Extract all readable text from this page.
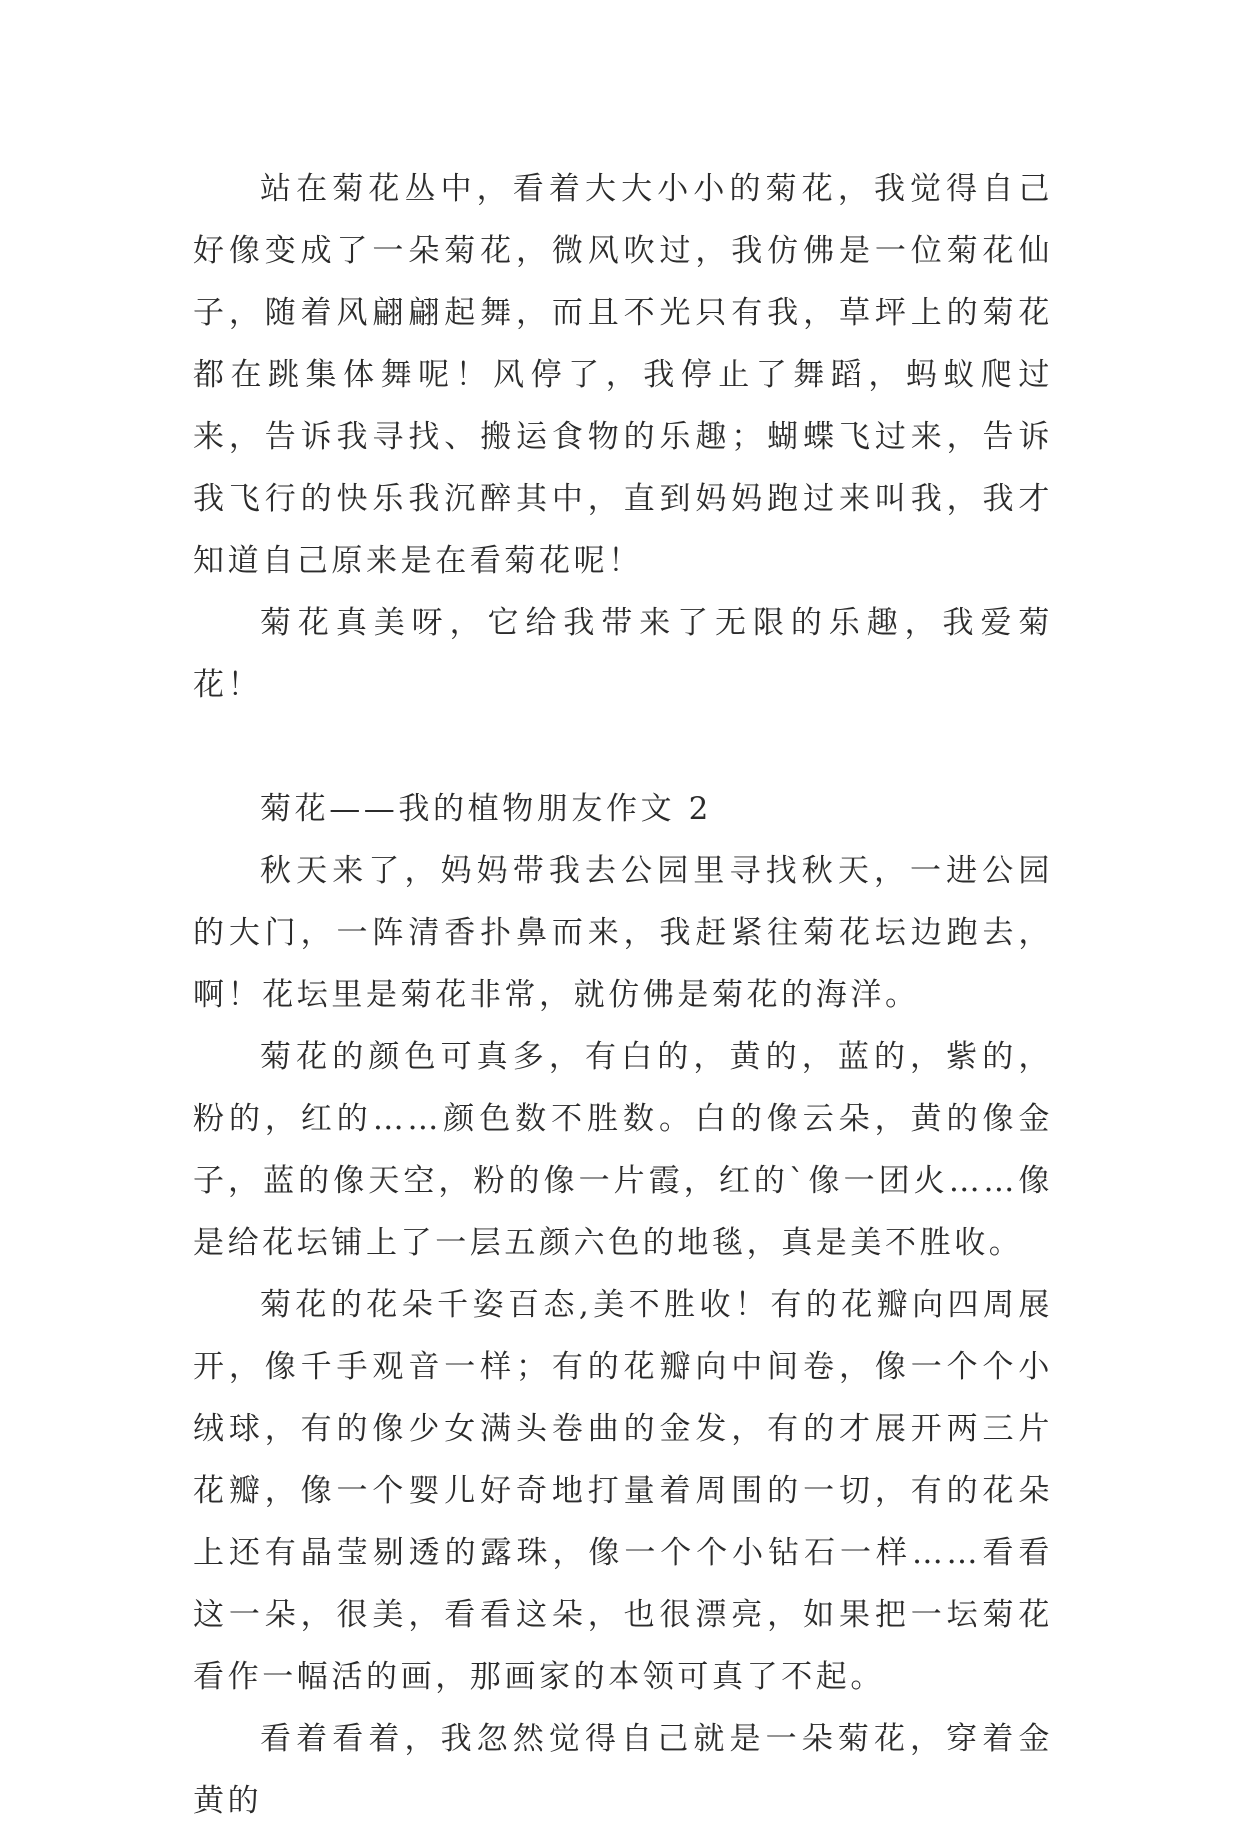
站在菊花丛中，看着大大小小的菊花，我觉得自己好像变成了一朵菊花，微风吹过，我仿佛是一位菊花仙子，随着风翩翩起舞，而且不光只有我，草坪上的菊花都在跳集体舞呢！风停了，我停止了舞蹈，蚂蚁爬过来，告诉我寻找、搬运食物的乐趣；蝴蝶飞过来，告诉我飞行的快乐我沉醉其中，直到妈妈跑过来叫我，我才知道自己原来是在看菊花呢！

菊花真美呀，它给我带来了无限的乐趣，我爱菊花！

菊花——我的植物朋友作文 2

秋天来了，妈妈带我去公园里寻找秋天，一进公园的大门，一阵清香扑鼻而来，我赶紧往菊花坛边跑去，啊！花坛里是菊花非常，就仿佛是菊花的海洋。

菊花的颜色可真多，有白的，黄的，蓝的，紫的，粉的，红的……颜色数不胜数。白的像云朵，黄的像金子，蓝的像天空，粉的像一片霞，红的`像一团火……像是给花坛铺上了一层五颜六色的地毯，真是美不胜收。

菊花的花朵千姿百态,美不胜收！有的花瓣向四周展开，像千手观音一样；有的花瓣向中间卷，像一个个小绒球，有的像少女满头卷曲的金发，有的才展开两三片花瓣，像一个婴儿好奇地打量着周围的一切，有的花朵上还有晶莹剔透的露珠，像一个个小钻石一样……看看这一朵，很美，看看这朵，也很漂亮，如果把一坛菊花看作一幅活的画，那画家的本领可真了不起。

看着看着，我忽然觉得自己就是一朵菊花，穿着金黄的
